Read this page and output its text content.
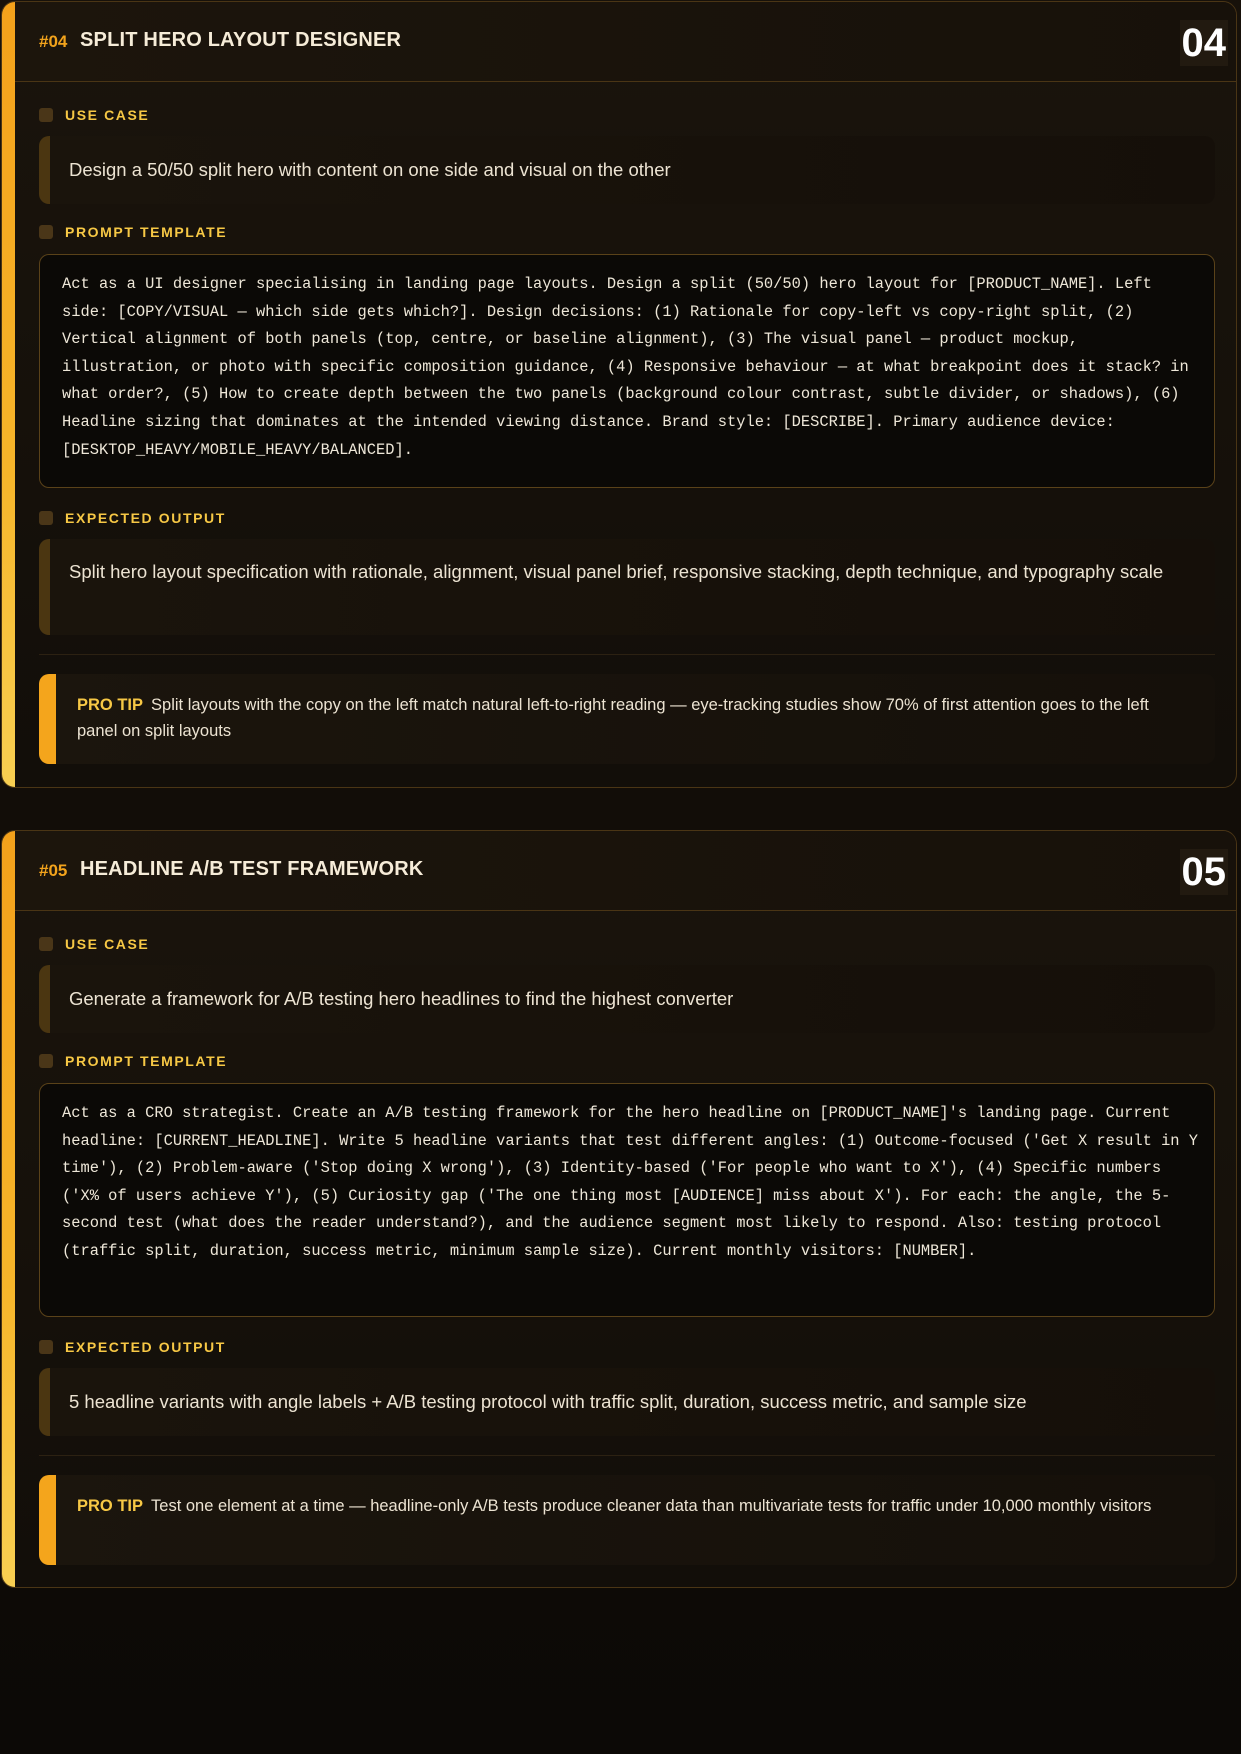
#04 SPLIT HERO LAYOUT DESIGNER	04
USE CASE
Design a 50/50 split hero with content on one side and visual on the other
PROMPT TEMPLATE
Act as a UI designer specialising in landing page layouts. Design a split (50/50) hero layout for [PRODUCT_NAME]. Left side: [COPY/VISUAL — which side gets which?]. Design decisions: (1) Rationale for copy-left vs copy-right split, (2) Vertical alignment of both panels (top, centre, or baseline alignment), (3) The visual panel — product mockup, illustration, or photo with specific composition guidance, (4) Responsive behaviour — at what breakpoint does it stack? in what order?, (5) How to create depth between the two panels (background colour contrast, subtle divider, or shadows), (6) Headline sizing that dominates at the intended viewing distance. Brand style: [DESCRIBE]. Primary audience device: [DESKTOP_HEAVY/MOBILE_HEAVY/BALANCED].
EXPECTED OUTPUT
Split hero layout specification with rationale, alignment, visual panel brief, responsive stacking, depth technique, and typography scale
PRO TIP Split layouts with the copy on the left match natural left-to-right reading — eye-tracking studies show 70% of first attention goes to the left panel on split layouts
#05 HEADLINE A/B TEST FRAMEWORK	05
USE CASE
Generate a framework for A/B testing hero headlines to find the highest converter
PROMPT TEMPLATE
Act as a CRO strategist. Create an A/B testing framework for the hero headline on [PRODUCT_NAME]'s landing page. Current headline: [CURRENT_HEADLINE]. Write 5 headline variants that test different angles: (1) Outcome-focused ('Get X result in Y time'), (2) Problem-aware ('Stop doing X wrong'), (3) Identity-based ('For people who want to X'), (4) Specific numbers ('X% of users achieve Y'), (5) Curiosity gap ('The one thing most [AUDIENCE] miss about X'). For each: the angle, the 5-second test (what does the reader understand?), and the audience segment most likely to respond. Also: testing protocol (traffic split, duration, success metric, minimum sample size). Current monthly visitors: [NUMBER].
EXPECTED OUTPUT
5 headline variants with angle labels + A/B testing protocol with traffic split, duration, success metric, and sample size
PRO TIP Test one element at a time — headline-only A/B tests produce cleaner data than multivariate tests for traffic under 10,000 monthly visitors
